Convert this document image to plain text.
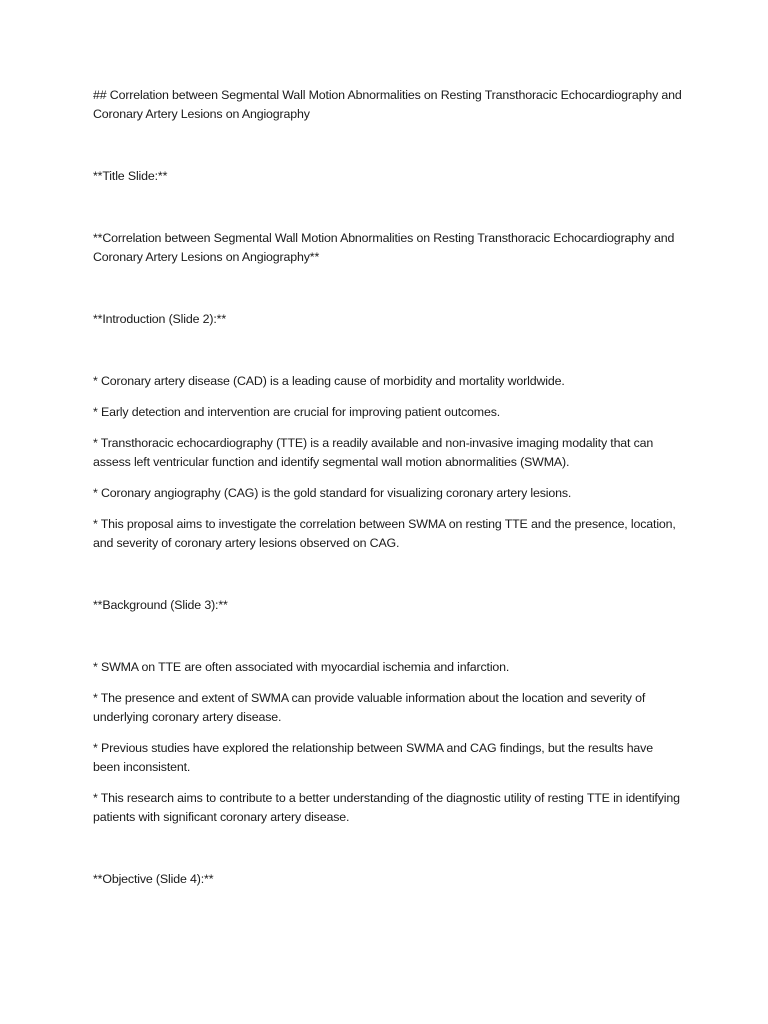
## Correlation between Segmental Wall Motion Abnormalities on Resting Transthoracic Echocardiography and Coronary Artery Lesions on Angiography

**Title Slide:**

**Correlation between Segmental Wall Motion Abnormalities on Resting Transthoracic Echocardiography and Coronary Artery Lesions on Angiography**

**Introduction (Slide 2):**

* Coronary artery disease (CAD) is a leading cause of morbidity and mortality worldwide.

* Early detection and intervention are crucial for improving patient outcomes.

* Transthoracic echocardiography (TTE) is a readily available and non-invasive imaging modality that can assess left ventricular function and identify segmental wall motion abnormalities (SWMA).

* Coronary angiography (CAG) is the gold standard for visualizing coronary artery lesions.

* This proposal aims to investigate the correlation between SWMA on resting TTE and the presence, location, and severity of coronary artery lesions observed on CAG.

**Background (Slide 3):**

* SWMA on TTE are often associated with myocardial ischemia and infarction.

* The presence and extent of SWMA can provide valuable information about the location and severity of underlying coronary artery disease.

* Previous studies have explored the relationship between SWMA and CAG findings, but the results have been inconsistent.

* This research aims to contribute to a better understanding of the diagnostic utility of resting TTE in identifying patients with significant coronary artery disease.

**Objective (Slide 4):**
